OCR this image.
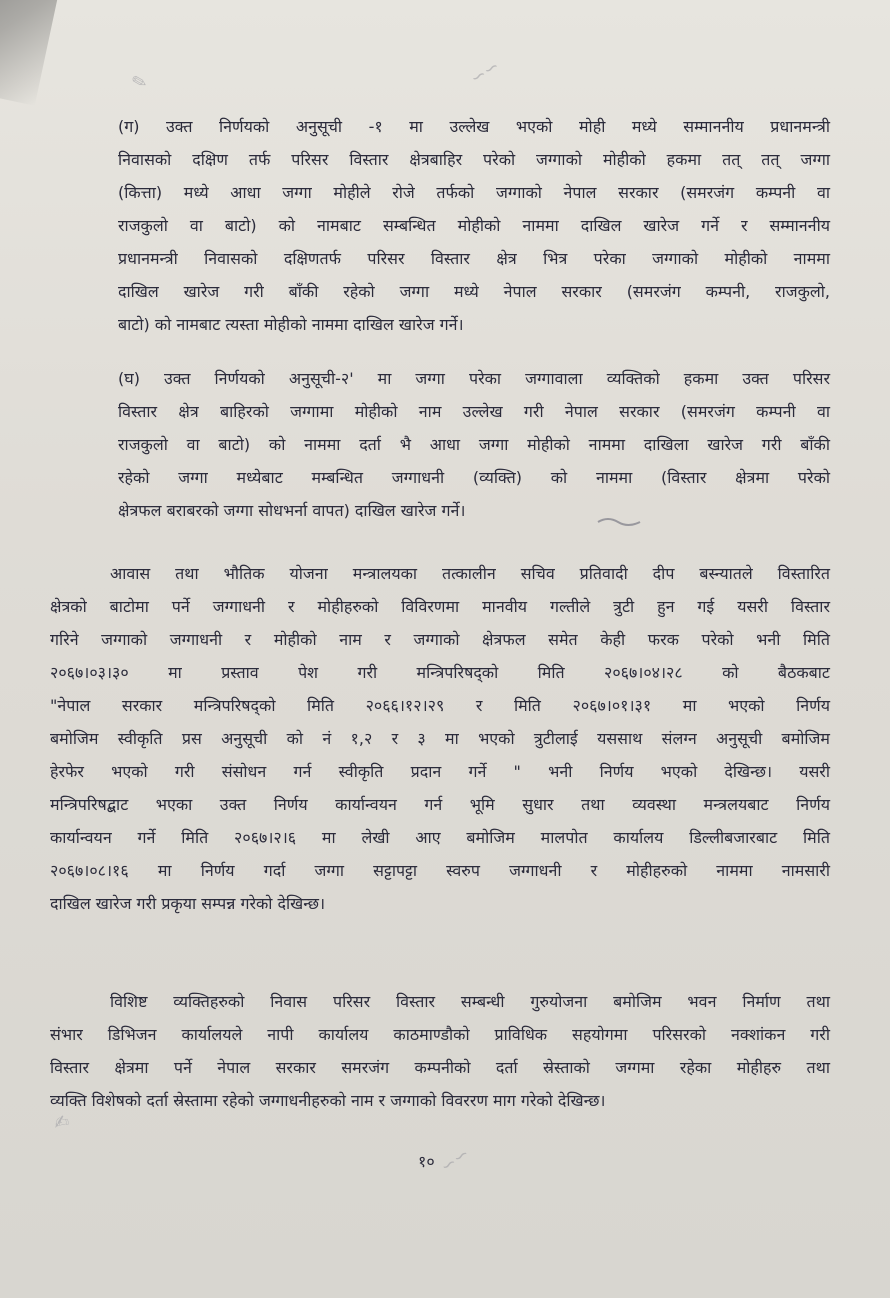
✎	∽∽
✍
∽∽
(ग) उक्त निर्णयको अनुसूची -१ मा उल्लेख भएको मोही मध्ये सम्माननीय प्रधानमन्त्री
निवासको दक्षिण तर्फ परिसर विस्तार क्षेत्रबाहिर परेको जग्गाको मोहीको हकमा तत् तत् जग्गा
(कित्ता) मध्ये आधा जग्गा मोहीले रोजे तर्फको जग्गाको नेपाल सरकार (समरजंग कम्पनी वा
राजकुलो वा बाटो) को नामबाट सम्बन्धित मोहीको नाममा दाखिल खारेज गर्ने र सम्माननीय
प्रधानमन्त्री निवासको दक्षिणतर्फ परिसर विस्तार क्षेत्र भित्र परेका जग्गाको मोहीको नाममा
दाखिल खारेज गरी बाँकी रहेको जग्गा मध्ये नेपाल सरकार (समरजंग कम्पनी, राजकुलो,
बाटो) को नामबाट त्यस्ता मोहीको नाममा दाखिल खारेज गर्ने।
(घ) उक्त निर्णयको अनुसूची-२' मा जग्गा परेका जग्गावाला व्यक्तिको हकमा उक्त परिसर
विस्तार क्षेत्र बाहिरको जग्गामा मोहीको नाम उल्लेख गरी नेपाल सरकार (समरजंग कम्पनी वा
राजकुलो वा बाटो) को नाममा दर्ता भै आधा जग्गा मोहीको नाममा दाखिला खारेज गरी बाँकी
रहेको जग्गा मध्येबाट मम्बन्धित जग्गाधनी (व्यक्ति) को नाममा (विस्तार क्षेत्रमा परेको
क्षेत्रफल बराबरको जग्गा सोधभर्ना वापत) दाखिल खारेज गर्ने।
आवास तथा भौतिक योजना मन्त्रालयका तत्कालीन सचिव प्रतिवादी दीप बस्न्यातले विस्तारित
क्षेत्रको बाटोमा पर्ने जग्गाधनी र मोहीहरुको विविरणमा मानवीय गल्तीले त्रुटी हुन गई यसरी विस्तार
गरिने जग्गाको जग्गाधनी र मोहीको नाम र जग्गाको क्षेत्रफल समेत केही फरक परेको भनी मिति
२०६७।०३।३० मा प्रस्ताव पेश गरी मन्त्रिपरिषद्को मिति २०६७।०४।२८ को बैठकबाट
"नेपाल सरकार मन्त्रिपरिषद्को मिति २०६६।१२।२९ र मिति २०६७।०१।३१ मा भएको निर्णय
बमोजिम स्वीकृति प्रस अनुसूची को नं १,२ र ३ मा भएको त्रुटीलाई यससाथ संलग्न अनुसूची बमोजिम
हेरफेर भएको गरी संसोधन गर्न स्वीकृति प्रदान गर्ने " भनी निर्णय भएको देखिन्छ। यसरी
मन्त्रिपरिषद्बाट भएका उक्त निर्णय कार्यान्वयन गर्न भूमि सुधार तथा व्यवस्था मन्त्रलयबाट निर्णय
कार्यान्वयन गर्ने मिति २०६७।२।६ मा लेखी आए बमोजिम मालपोत कार्यालय डिल्लीबजारबाट मिति
२०६७।०८।१६ मा निर्णय गर्दा जग्गा सट्टापट्टा स्वरुप जग्गाधनी र मोहीहरुको नाममा नामसारी
दाखिल खारेज गरी प्रकृया सम्पन्न गरेको देखिन्छ।
विशिष्ट व्यक्तिहरुको निवास परिसर विस्तार सम्बन्धी गुरुयोजना बमोजिम भवन निर्माण तथा
संभार डिभिजन कार्यालयले नापी कार्यालय काठमाण्डौको प्राविधिक सहयोगमा परिसरको नक्शांकन गरी
विस्तार क्षेत्रमा पर्ने नेपाल सरकार समरजंग कम्पनीको दर्ता स्रेस्ताको जग्गमा रहेका मोहीहरु तथा
व्यक्ति विशेषको दर्ता स्रेस्तामा रहेको जग्गाधनीहरुको नाम र जग्गाको विवररण माग गरेको देखिन्छ।
१०
